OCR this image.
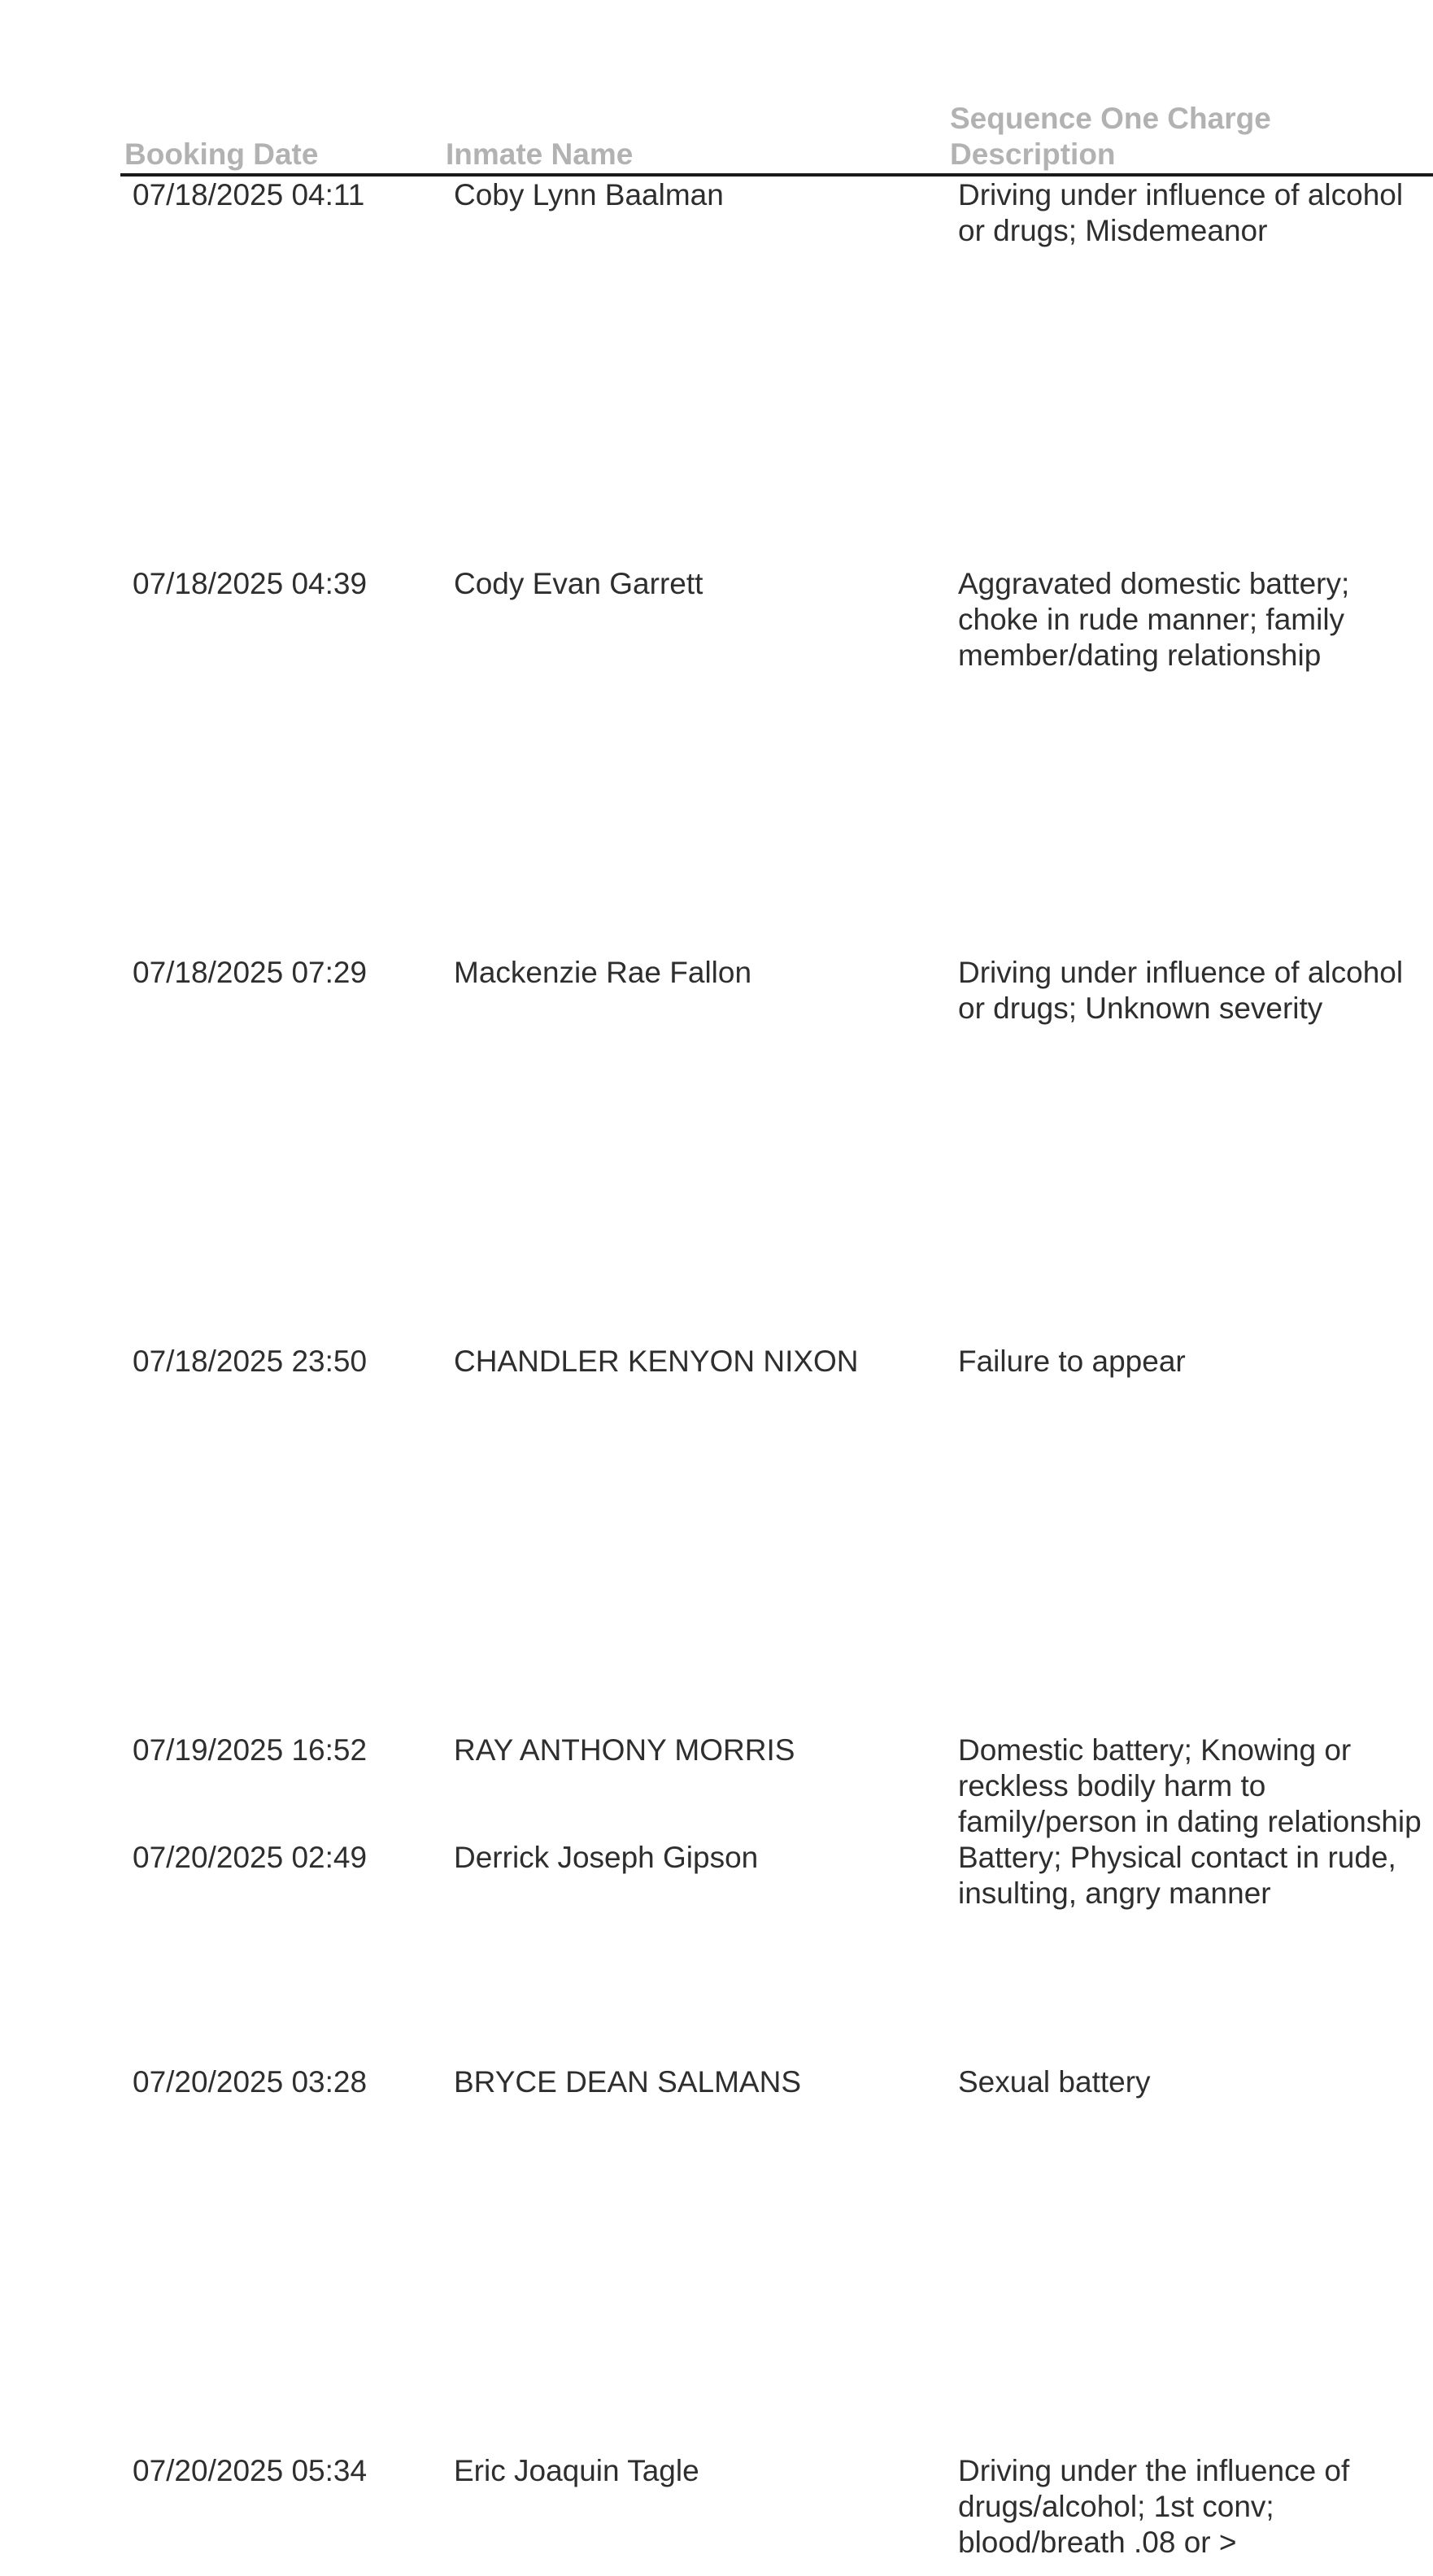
Booking Date	Inmate Name
Sequence One Charge
Description
07/18/2025 04:11	Coby Lynn Baalman	Driving under influence of alcohol
or drugs; Misdemeanor
07/18/2025 04:39	Cody Evan Garrett	Aggravated domestic battery;
choke in rude manner; family
member/dating relationship
07/18/2025 07:29	Mackenzie Rae Fallon	Driving under influence of alcohol
or drugs; Unknown severity
07/18/2025 23:50	CHANDLER KENYON NIXON	Failure to appear
07/19/2025 16:52	RAY ANTHONY MORRIS	Domestic battery; Knowing or
reckless bodily harm to
family/person in dating relationship
07/20/2025 02:49	Derrick Joseph Gipson	Battery; Physical contact in rude,
insulting, angry manner
07/20/2025 03:28	BRYCE DEAN SALMANS	Sexual battery
07/20/2025 05:34	Eric Joaquin Tagle	Driving under the influence of
drugs/alcohol; 1st conv;
blood/breath .08 or >
